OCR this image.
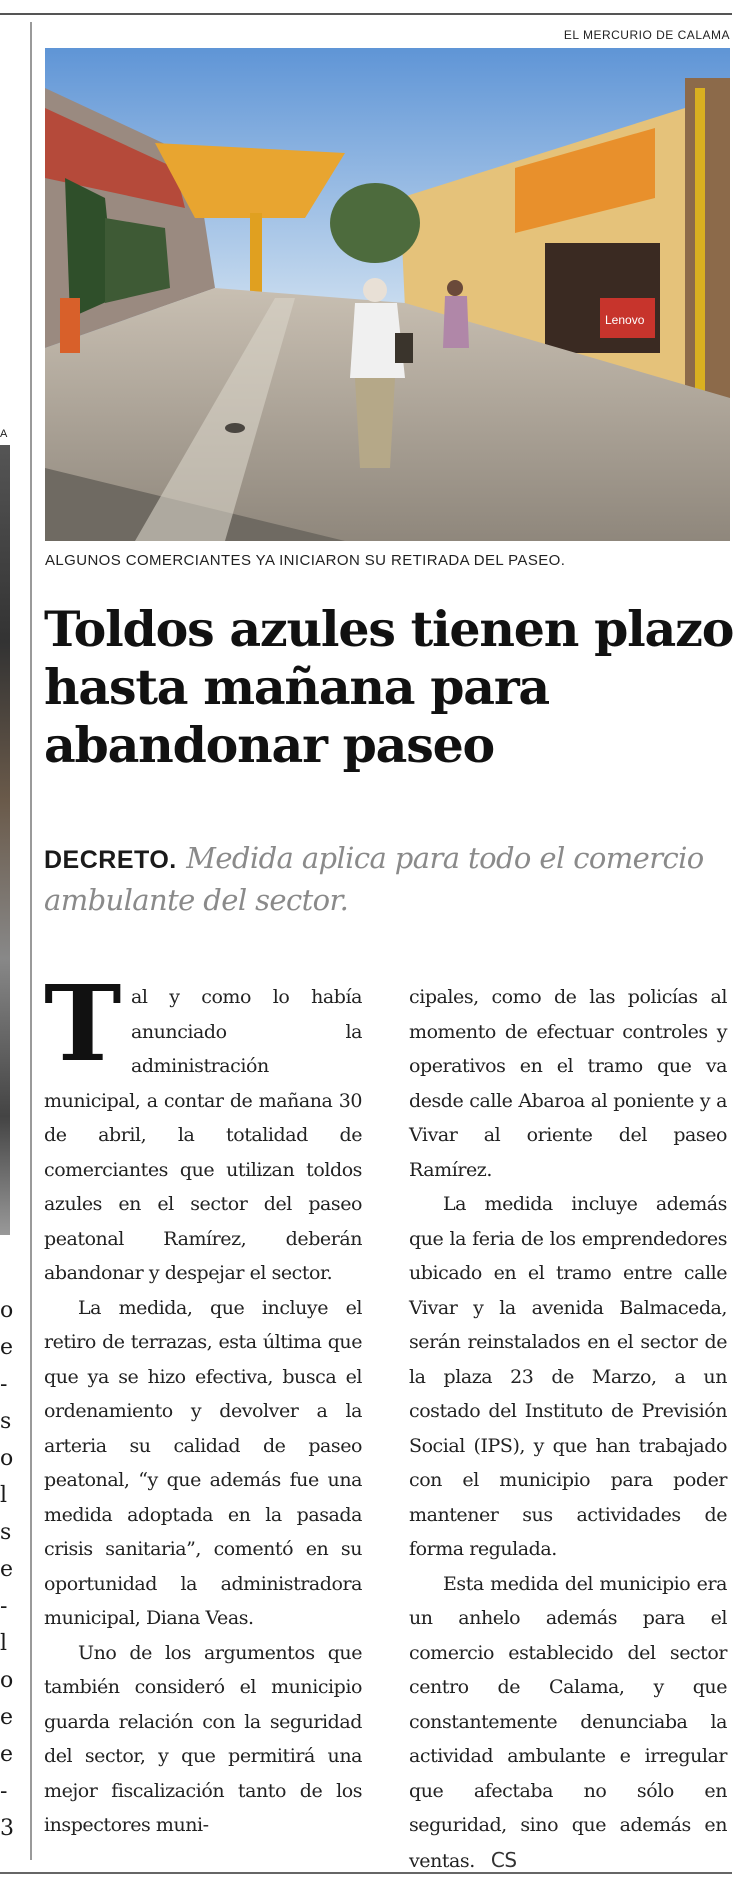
EL MERCURIO DE CALAMA
A
o
e
-
s
o
l
s
e
-
l
o
e
e
-
3
Lenovo
ALGUNOS COMERCIANTES YA INICIARON SU RETIRADA DEL PASEO.
Toldos azules tienen plazo hasta mañana para abandonar paseo
DECRETO. Medida aplica para todo el comercio ambulante del sector.
T al y como lo había anunciado la administración municipal, a contar de mañana 30 de abril, la totalidad de comerciantes que utilizan toldos azules en el sector del paseo peatonal Ramírez, deberán abandonar y despejar el sector.

La medida, que incluye el retiro de terrazas, esta última que que ya se hizo efectiva, busca el ordenamiento y devolver a la arteria su calidad de paseo peatonal, “y que además fue una medida adoptada en la pasada crisis sanitaria”, comentó en su oportunidad la administradora municipal, Diana Veas.

Uno de los argumentos que también consideró el municipio guarda relación con la seguridad del sector, y que permitirá una mejor fiscalización tanto de los inspectores muni-

cipales, como de las policías al momento de efectuar controles y operativos en el tramo que va desde calle Abaroa al poniente y a Vivar al oriente del paseo Ramírez.

La medida incluye además que la feria de los emprendedores ubicado en el tramo entre calle Vivar y la avenida Balmaceda, serán reinstalados en el sector de la plaza 23 de Marzo, a un costado del Instituto de Previsión Social (IPS), y que han trabajado con el municipio para poder mantener sus actividades de forma regulada.

Esta medida del municipio era un anhelo además para el comercio establecido del sector centro de Calama, y que constantemente denunciaba la actividad ambulante e irregular que afectaba no sólo en seguridad, sino que además en ventas. CS
